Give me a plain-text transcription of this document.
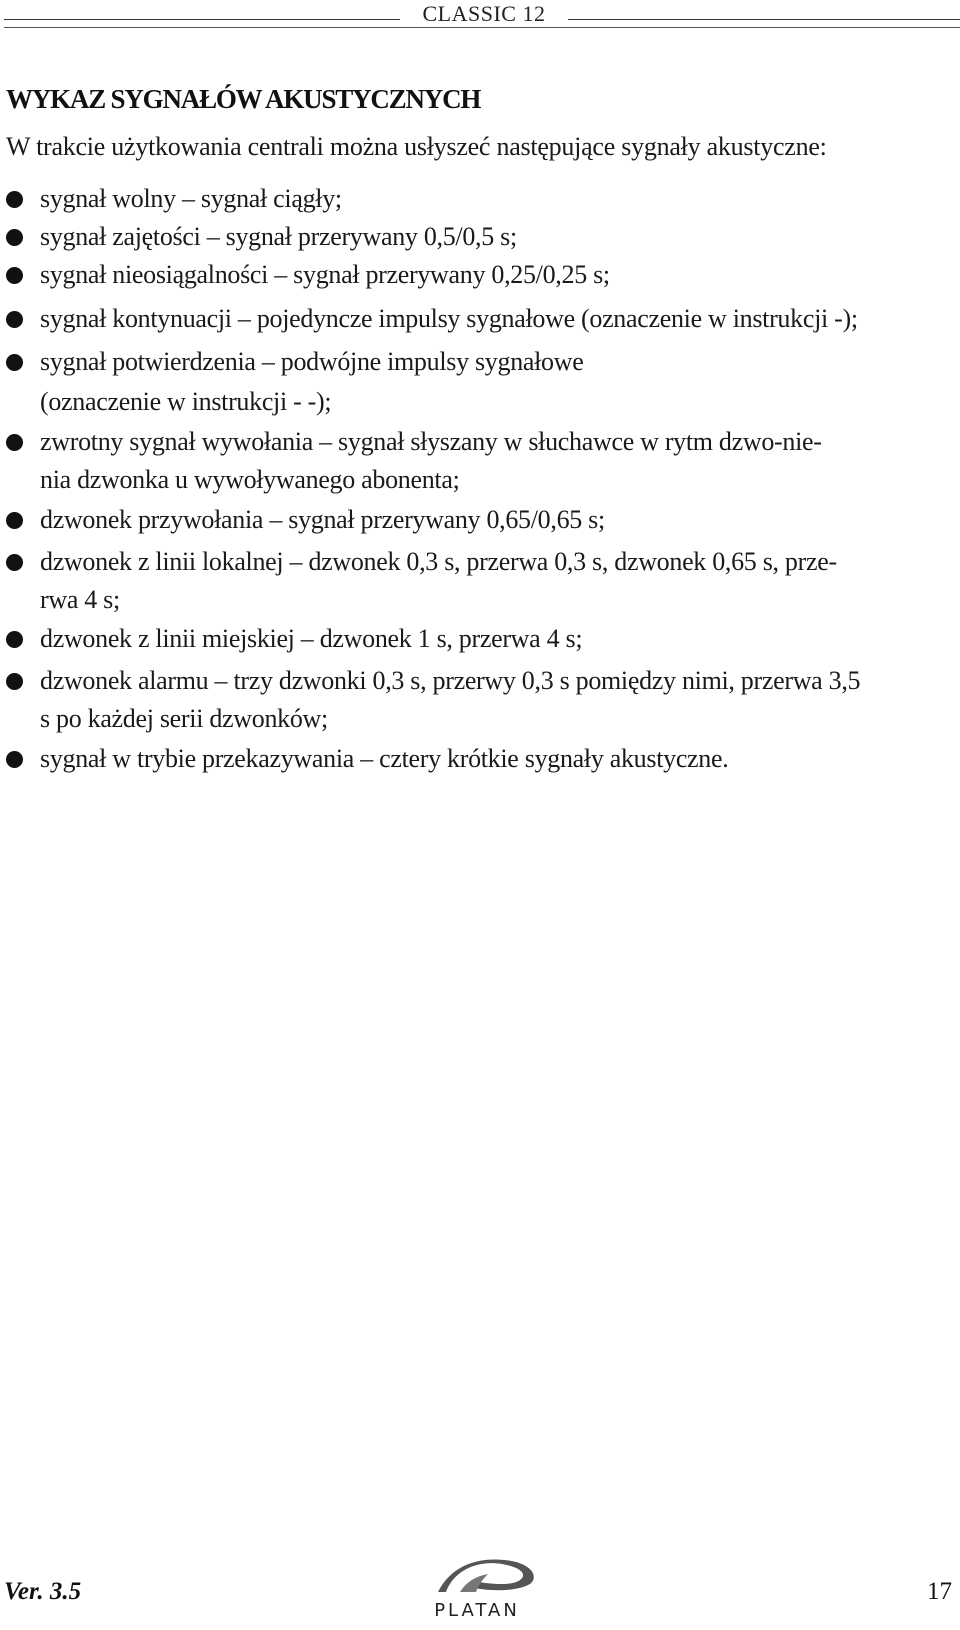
CLASSIC 12
WYKAZ SYGNAŁÓW AKUSTYCZNYCH
W trakcie użytkowania centrali można usłyszeć następujące sygnały akustyczne:
sygnał wolny – sygnał ciągły;
sygnał zajętości – sygnał przerywany 0,5/0,5 s;
sygnał nieosiągalności – sygnał przerywany 0,25/0,25 s;
sygnał kontynuacji – pojedyncze impulsy sygnałowe (oznaczenie w instrukcji -);
sygnał potwierdzenia – podwójne impulsy sygnałowe
(oznaczenie w instrukcji - -);
zwrotny sygnał wywołania – sygnał słyszany w słuchawce w rytm dzwo-nie-
nia dzwonka u wywoływanego abonenta;
dzwonek przywołania – sygnał przerywany 0,65/0,65 s;
dzwonek z linii lokalnej – dzwonek 0,3 s, przerwa 0,3 s, dzwonek 0,65 s, prze-
rwa 4 s;
dzwonek z linii miejskiej – dzwonek 1 s, przerwa 4 s;
dzwonek alarmu – trzy dzwonki 0,3 s, przerwy 0,3 s pomiędzy nimi, przerwa 3,5
s po każdej serii dzwonków;
sygnał w trybie przekazywania – cztery krótkie sygnały akustyczne.
Ver. 3.5
PLATAN
17
